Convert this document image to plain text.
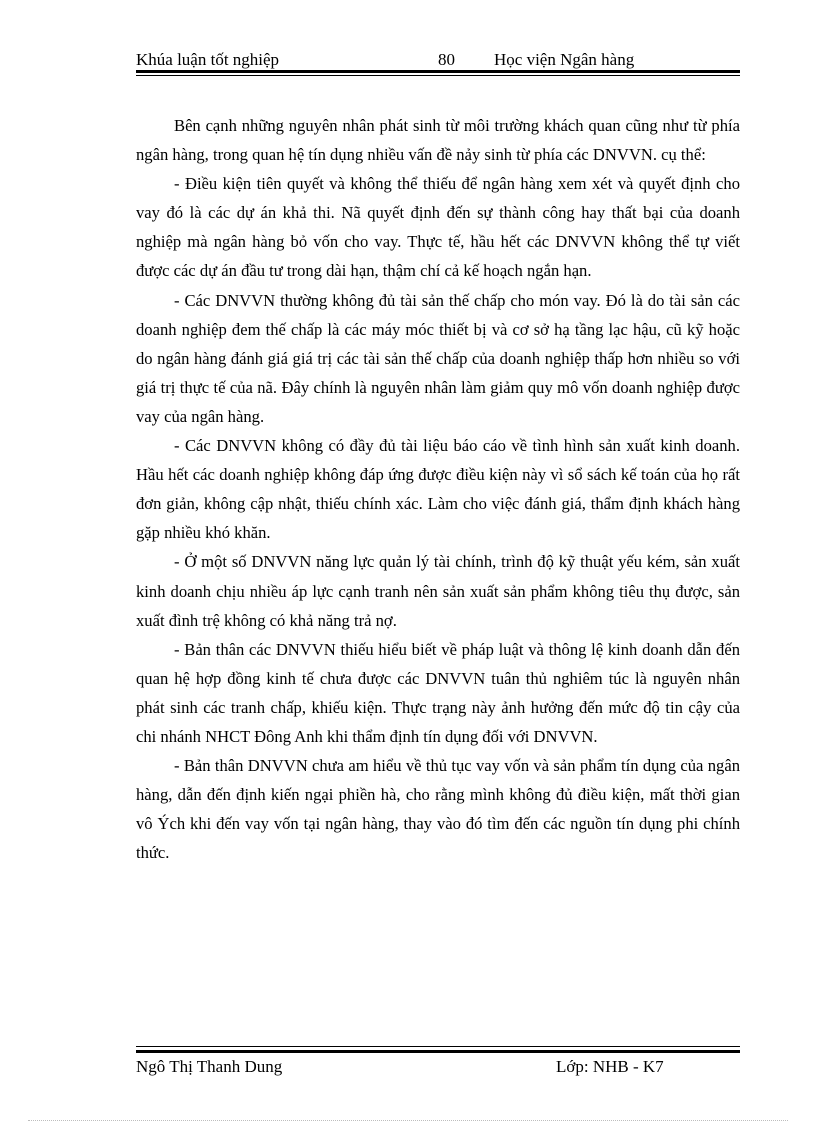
Khúa luận tốt nghiệp	80 Học viện Ngân hàng

Bên cạnh những nguyên nhân phát sinh từ môi trường khách quan cũng như từ phía ngân hàng, trong quan hệ tín dụng nhiều vấn đề nảy sinh từ phía các DNVVN. cụ thể:

- Điều kiện tiên quyết và không thể thiếu để ngân hàng xem xét và quyết định cho vay đó là các dự án khả thi. Nã quyết định đến sự thành công hay thất bại của doanh nghiệp mà ngân hàng bỏ vốn cho vay. Thực tế, hầu hết các DNVVN không thể tự viết được các dự án đầu tư trong dài hạn, thậm chí cả kế hoạch ngắn hạn.

- Các DNVVN thường không đủ tài sản thế chấp cho món vay. Đó là do tài sản các doanh nghiệp đem thế chấp là các máy móc thiết bị và cơ sở hạ tầng lạc hậu, cũ kỹ hoặc do ngân hàng đánh giá giá trị các tài sản thế chấp của doanh nghiệp thấp hơn nhiều so với giá trị thực tế của nã. Đây chính là nguyên nhân làm giảm quy mô vốn doanh nghiệp được vay của ngân hàng.

- Các DNVVN không có đầy đủ tài liệu báo cáo về tình hình sản xuất kinh doanh. Hầu hết các doanh nghiệp không đáp ứng được điều kiện này vì sổ sách kế toán của họ rất đơn giản, không cập nhật, thiếu chính xác. Làm cho việc đánh giá, thẩm định khách hàng gặp nhiều khó khăn.

- Ở một số DNVVN năng lực quản lý tài chính, trình độ kỹ thuật yếu kém, sản xuất kinh doanh chịu nhiều áp lực cạnh tranh nên sản xuất sản phẩm không tiêu thụ được, sản xuất đình trệ không có khả năng trả nợ.

- Bản thân các DNVVN thiếu hiểu biết về pháp luật và thông lệ kinh doanh dẫn đến quan hệ hợp đồng kinh tế chưa được các DNVVN tuân thủ nghiêm túc là nguyên nhân phát sinh các tranh chấp, khiếu kiện. Thực trạng này ảnh hưởng đến mức độ tin cậy của chi nhánh NHCT Đông Anh khi thẩm định tín dụng đối với DNVVN.

- Bản thân DNVVN chưa am hiểu về thủ tục vay vốn và sản phẩm tín dụng của ngân hàng, dẫn đến định kiến ngại phiền hà, cho rằng mình không đủ điều kiện, mất thời gian vô Ých khi đến vay vốn tại ngân hàng, thay vào đó tìm đến các nguồn tín dụng phi chính thức.

Ngô Thị Thanh Dung	Lớp: NHB - K7
